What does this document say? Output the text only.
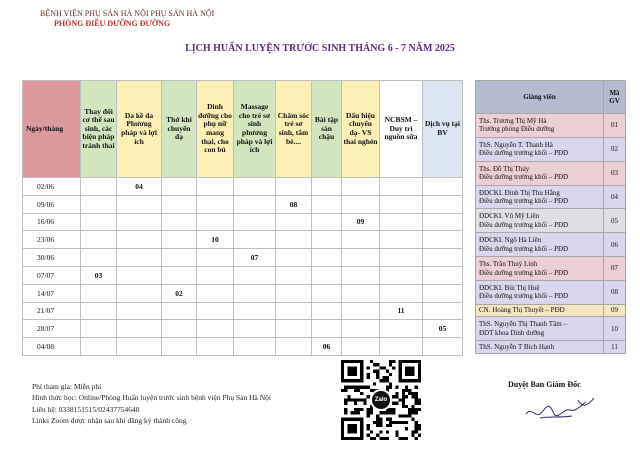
BỆNH VIỆN PHỤ SẢN HÀ NỘI PHỤ SẢN HÀ NỘI
PHÒNG ĐIỀU DƯỠNG ĐƯỜNG
LỊCH HUẤN LUYỆN TRƯỚC SINH THÁNG 6 - 7 NĂM 2025
Ngày/tháng	Thay đổi cơ thể sau sinh, các biện pháp tránh thai	Da kề da Phương pháp và lợi ích	Thở khi chuyển dạ	Dinh dưỡng cho phụ nữ mang thai, cho con bú	Massage cho trẻ sơ sinh phương pháp và lợi ích	Chăm sóc trẻ sơ sinh, tắm bé....	Bài tập sàn chậu	Dấu hiệu chuyển dạ- VS thai nghén	NCBSM – Duy trì nguồn sữa	Dịch vụ tại BV
02/06		04								
09/06						08				
16/06								09		
23/06				10						
30/06					07					
07/07	03									
14/07			02							
21/07									11	
28/07										05
04/08							06			
Giảng viên	Mã GV

Ths. Trương Thị Mỹ Hà
Trưởng phòng Điều dưỡng	01

ThS. Nguyễn T. Thanh Hà
Điều dưỡng trưởng khối – PĐD	02

Ths. Đỗ Thị Thúy
Điều dưỡng trưởng khối – PĐD	03

ĐDCKI. Đinh Thị Thu Hằng
Điều dưỡng trưởng khối – PĐD	04

ĐDCKI. Vũ Mỹ Liên
Điều dưỡng trưởng khối – PĐD	05

ĐDCKI. Ngô Hà Liên
Điều dưỡng trưởng khối – PĐD	06

Ths. Trần Thuỳ Linh
Điều dưỡng trưởng khối – PĐD	07

ĐDCKI. Bùi Thị Huệ
Điều dưỡng trưởng khối – PĐD	08

CN. Hoàng Thị Thuyết – PĐD	09

ThS. Nguyễn Thị Thanh Tâm –
ĐDT khoa Dinh dưỡng	10

ThS. Nguyễn T Bích Hạnh	11
Phí tham gia: Miễn phí
Hình thức học: Online/Phòng Huấn luyện trước sinh bệnh viện Phụ Sản Hà Nội
Liên hệ: 0338151515/02437754648
Links Zoom được nhận sau khi đăng ký thành công
Zalo
Duyệt Ban Giám Đốc
